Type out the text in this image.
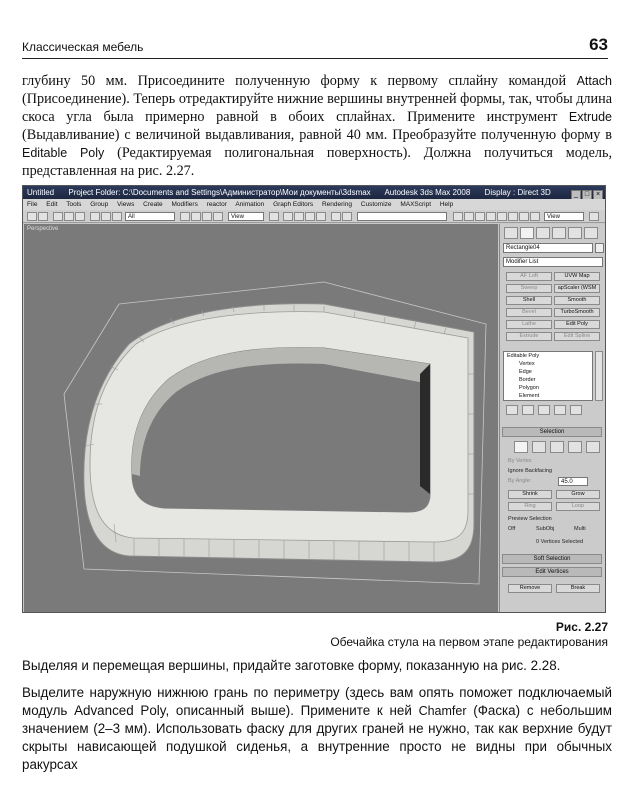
Классическая мебель	63
глубину 50 мм. Присоедините полученную форму к первому сплайну командой Attach (Присоединение). Теперь отредактируйте нижние вершины внутренней формы, так, чтобы длина скоса угла была примерно равной в обоих сплайнах. Примените инструмент Extrude (Выдавливание) с величиной выдавливания, равной 40 мм. Преобразуйте полученную форму в Editable Poly (Редактируемая полигональная поверхность). Должна получиться модель, представленная на рис. 2.27.
Untitled Project Folder: C:\Documents and Settings\Администратор\Мои документы\3dsmax Autodesk 3ds Max 2008 Display : Direct 3D	_ □ ×
File Edit Tools Group Views Create Modifiers reactor Animation Graph Editors Rendering Customize MAXScript Help
All	View	View
Perspective
Rectangle04
Modifier List
AF Loft	UVW Map
Sweep	apScaler (WSM
Shell	Smooth
Bevel	TurboSmooth
Lathe	Edit Poly
Extrude	Edit Spline
Editable Poly
Vertex
Edge
Border
Polygon
Element
Selection
By Vertex
Ignore Backfacing
By Angle:	45.0
Shrink	Grow
Ring	Loop
Preview Selection
Off	SubObj	Multi
0 Vertices Selected
Soft Selection
Edit Vertices
Remove	Break
Рис. 2.27
Обечайка стула на первом этапе редактирования
Выделяя и перемещая вершины, придайте заготовке форму, показанную на рис. 2.28.
Выделите наружную нижнюю грань по периметру (здесь вам опять поможет подключаемый модуль Advanced Poly, описанный выше). Примените к ней Chamfer (Фаска) с небольшим значением (2–3 мм). Использовать фаску для других граней не нужно, так как верхние будут скрыты нависающей подушкой сиденья, а внутренние просто не видны при обычных ракурсах
